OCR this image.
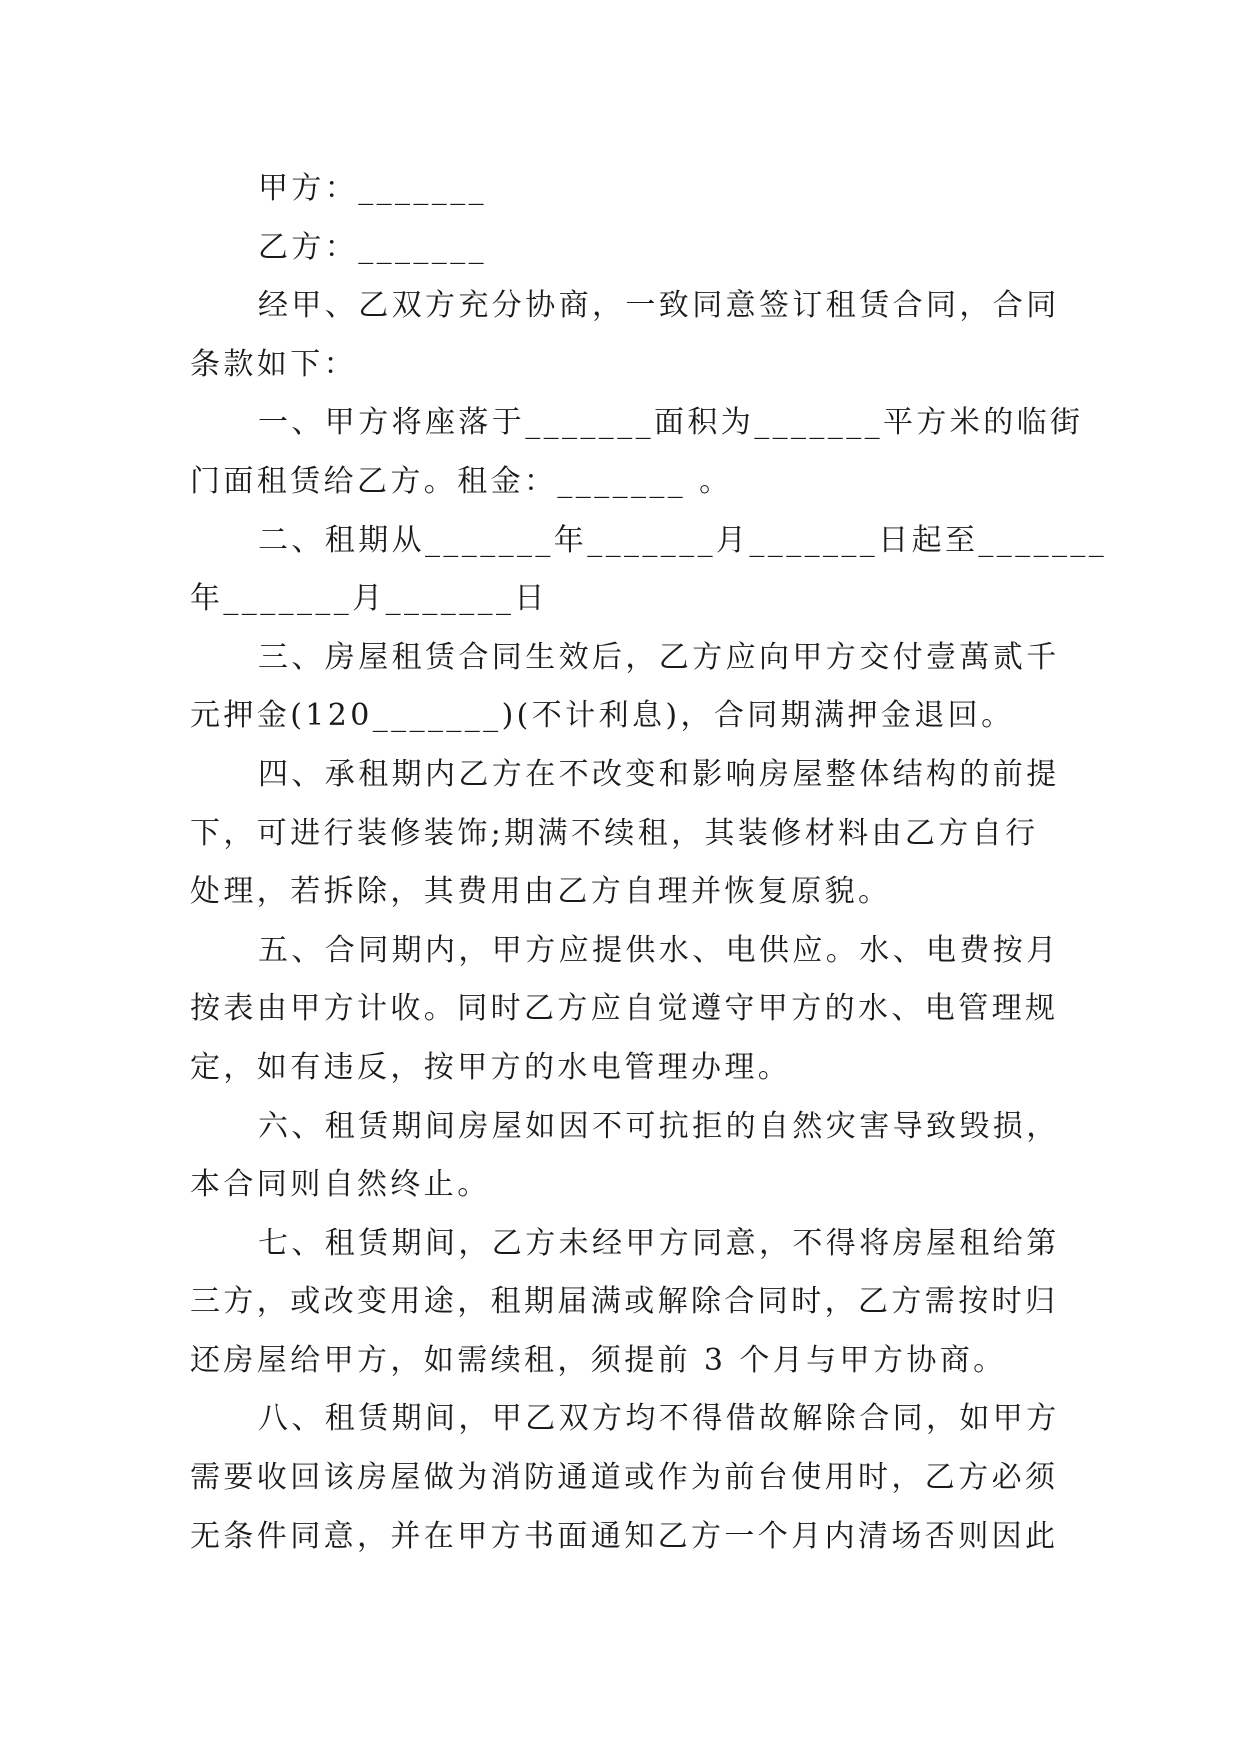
甲方：_______

乙方：_______

经甲、乙双方充分协商，一致同意签订租赁合同，合同
条款如下：

一、甲方将座落于_______面积为_______平方米的临街
门面租赁给乙方。租金：_______ 。

二、租期从_______年_______月_______日起至_______
年_______月_______日

三、房屋租赁合同生效后，乙方应向甲方交付壹萬贰千
元押金(120_______)(不计利息)，合同期满押金退回。

四、承租期内乙方在不改变和影响房屋整体结构的前提
下，可进行装修装饰;期满不续租，其装修材料由乙方自行
处理，若拆除，其费用由乙方自理并恢复原貌。

五、合同期内，甲方应提供水、电供应。水、电费按月
按表由甲方计收。同时乙方应自觉遵守甲方的水、电管理规
定，如有违反，按甲方的水电管理办理。

六、租赁期间房屋如因不可抗拒的自然灾害导致毁损，
本合同则自然终止。

七、租赁期间，乙方未经甲方同意，不得将房屋租给第
三方，或改变用途，租期届满或解除合同时，乙方需按时归
还房屋给甲方，如需续租，须提前 3 个月与甲方协商。

八、租赁期间，甲乙双方均不得借故解除合同，如甲方
需要收回该房屋做为消防通道或作为前台使用时，乙方必须
无条件同意，并在甲方书面通知乙方一个月内清场否则因此
